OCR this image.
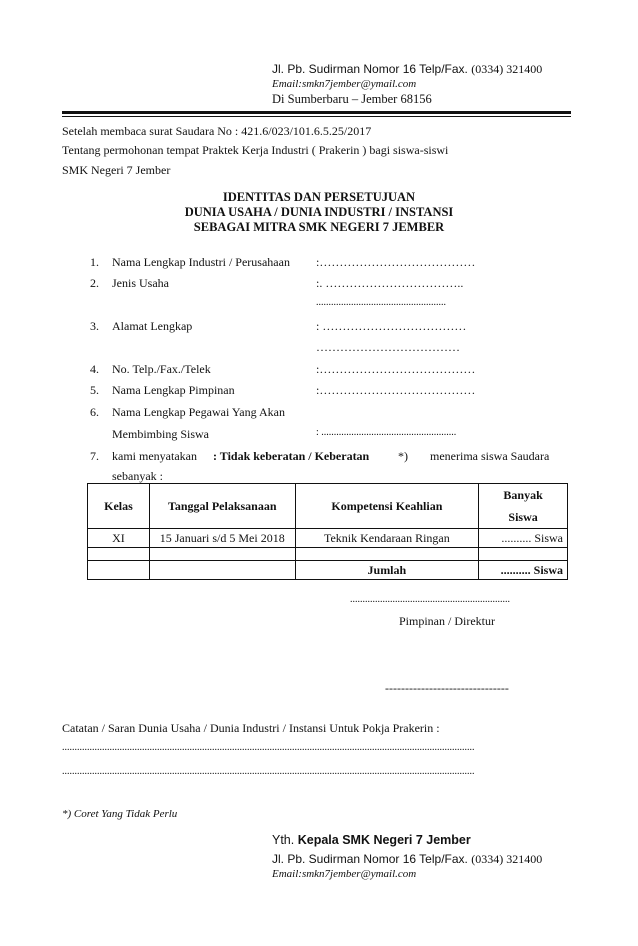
Jl. Pb. Sudirman Nomor 16 Telp/Fax. (0334) 321400
Email:smkn7jember@ymail.com
Di Sumberbaru – Jember 68156
Setelah membaca surat Saudara No : 421.6/023/101.6.5.25/2017
Tentang permohonan tempat Praktek Kerja Industri ( Prakerin ) bagi siswa-siswi
SMK Negeri 7 Jember
IDENTITAS DAN PERSETUJUAN
DUNIA USAHA / DUNIA INDUSTRI / INSTANSI
SEBAGAI MITRA SMK NEGERI 7 JEMBER
1. Nama Lengkap Industri / Perusahaan :…………………………………
2. Jenis Usaha	:. ……………………………..
....................................................
3. Alamat Lengkap	: ………………………………
………………………………
4. No. Telp./Fax./Telek	:…………………………………
5. Nama Lengkap Pimpinan	:…………………………………
6. Nama Lengkap Pegawai Yang Akan
Membimbing Siswa	: ......................................................
7. kami menyatakan : Tidak keberatan / Keberatan *) menerima siswa Saudara
sebanyak :
Kelas	Tanggal Pelaksanaan	Kompetensi Keahlian	Banyak
Siswa

XI	15 Januari s/d 5 Mei 2018	Teknik Kendaraan Ringan	.......... Siswa

		Jumlah	.......... Siswa
................................................................
Pimpinan / Direktur
-------------------------------
Catatan / Saran Dunia Usaha / Dunia Industri / Instansi Untuk Pokja Prakerin :
.....................................................................................................................................................................
.....................................................................................................................................................................
*) Coret Yang Tidak Perlu
Yth. Kepala SMK Negeri 7 Jember
Jl. Pb. Sudirman Nomor 16 Telp/Fax. (0334) 321400
Email:smkn7jember@ymail.com
